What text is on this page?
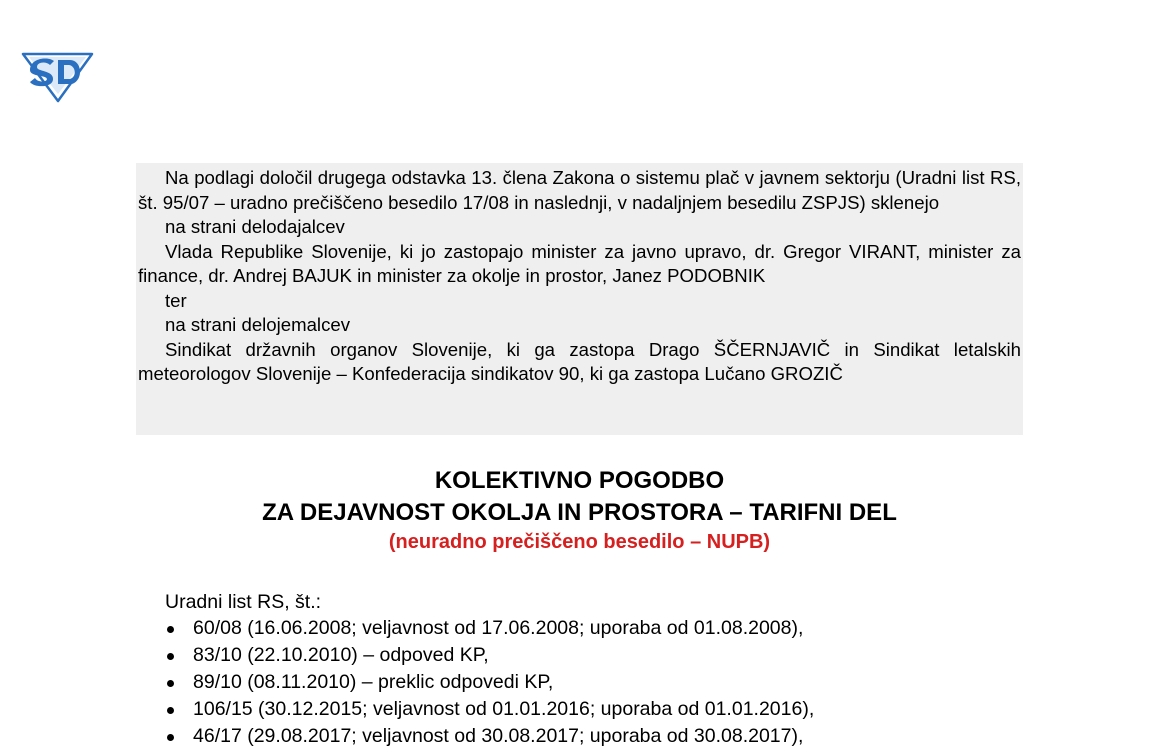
Na podlagi določil drugega odstavka 13. člena Zakona o sistemu plač v javnem sektorju (Uradni list RS, št. 95/07 – uradno prečiščeno besedilo 17/08 in naslednji, v nadaljnjem besedilu ZSPJS) sklenejo

na strani delodajalcev

Vlada Republike Slovenije, ki jo zastopajo minister za javno upravo, dr. Gregor VIRANT, minister za finance, dr. Andrej BAJUK in minister za okolje in prostor, Janez PODOBNIK

ter

na strani delojemalcev

Sindikat državnih organov Slovenije, ki ga zastopa Drago ŠČERNJAVIČ in Sindikat letalskih meteorologov Slovenije – Konfederacija sindikatov 90, ki ga zastopa Lučano GROZIČ

KOLEKTIVNO POGODBO
ZA DEJAVNOST OKOLJA IN PROSTORA – TARIFNI DEL
(neuradno prečiščeno besedilo – NUPB)
Uradni list RS, št.:
60/08 (16.06.2008; veljavnost od 17.06.2008; uporaba od 01.08.2008),
83/10 (22.10.2010) – odpoved KP,
89/10 (08.11.2010) – preklic odpovedi KP,
106/15 (30.12.2015; veljavnost od 01.01.2016; uporaba od 01.01.2016),
46/17 (29.08.2017; veljavnost od 30.08.2017; uporaba od 30.08.2017),
